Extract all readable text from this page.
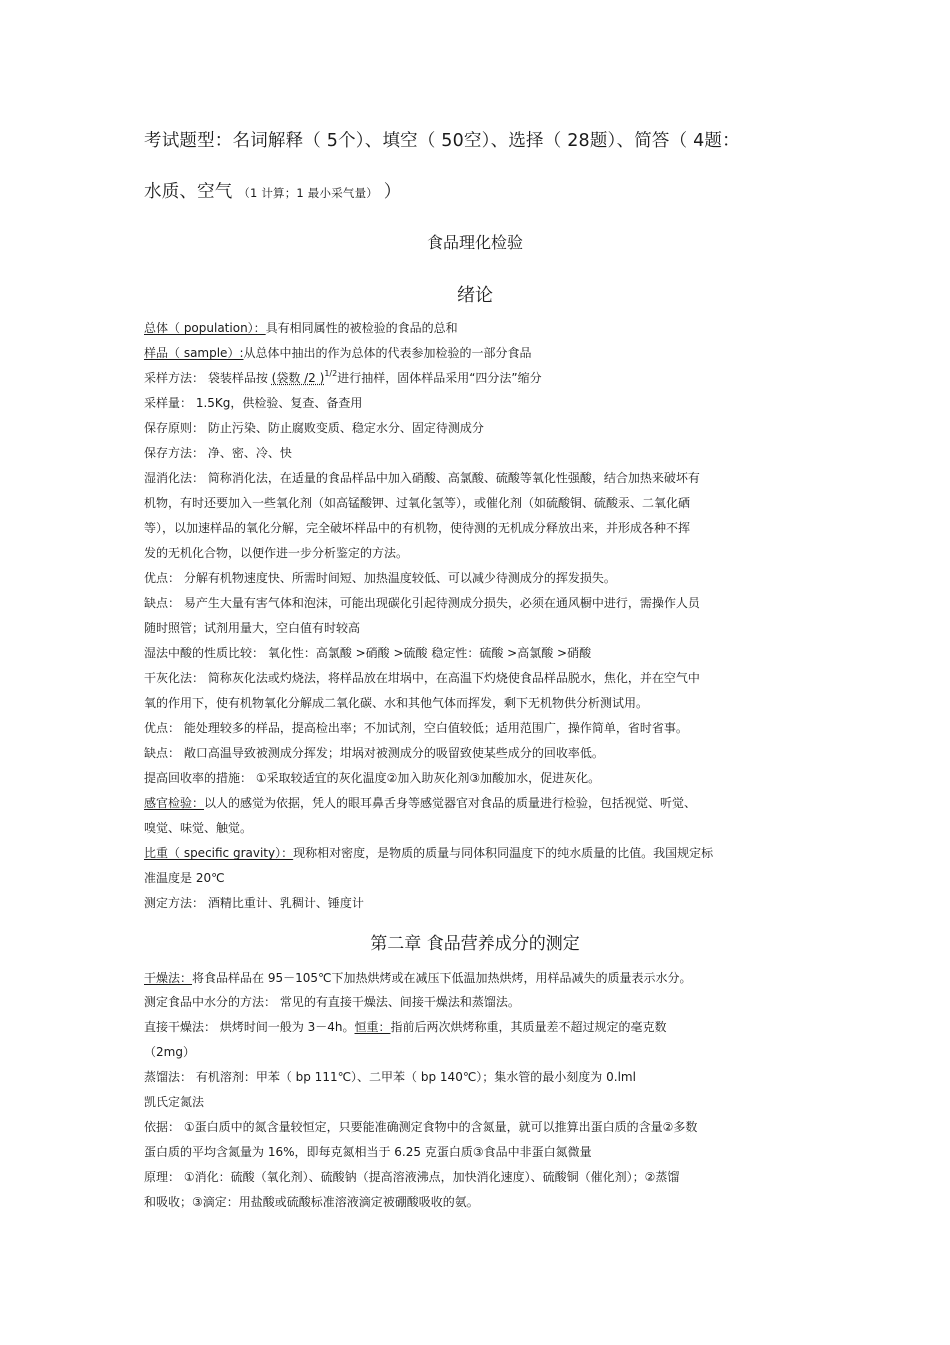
考试题型：名词解释（ 5个）、填空（ 50空）、选择（ 28题）、简答（ 4题：
水质、空气 （1 计算；1 最小采气量） ）
食品理化检验
绪论
总体（ population）：具有相同属性的被检验的食品的总和
样品（ sample）:从总体中抽出的作为总体的代表参加检验的一部分食品
采样方法： 袋装样品按 (袋数 /2 )$^{1/2}$进行抽样，固体样品采用“四分法”缩分
采样量： 1.5Kg，供检验、复查、备查用
保存原则： 防止污染、防止腐败变质、稳定水分、固定待测成分
保存方法： 净、密、冷、快
湿消化法： 简称消化法，在适量的食品样品中加入硝酸、高氯酸、硫酸等氧化性强酸，结合加热来破坏有
机物，有时还要加入一些氧化剂（如高锰酸钾、过氧化氢等），或催化剂（如硫酸铜、硫酸汞、二氧化硒
等），以加速样品的氧化分解，完全破坏样品中的有机物，使待测的无机成分释放出来，并形成各种不挥
发的无机化合物，以便作进一步分析鉴定的方法。
优点： 分解有机物速度快、所需时间短、加热温度较低、可以减少待测成分的挥发损失。
缺点： 易产生大量有害气体和泡沫，可能出现碳化引起待测成分损失，必须在通风橱中进行，需操作人员
随时照管；试剂用量大，空白值有时较高
湿法中酸的性质比较： 氧化性：高氯酸 >硝酸 >硫酸 稳定性：硫酸 >高氯酸 >硝酸
干灰化法： 简称灰化法或灼烧法，将样品放在坩埚中，在高温下灼烧使食品样品脱水，焦化，并在空气中
氧的作用下，使有机物氧化分解成二氧化碳、水和其他气体而挥发，剩下无机物供分析测试用。
优点： 能处理较多的样品，提高检出率；不加试剂，空白值较低；适用范围广，操作简单，省时省事。
缺点： 敞口高温导致被测成分挥发；坩埚对被测成分的吸留致使某些成分的回收率低。
提高回收率的措施： ①采取较适宜的灰化温度②加入助灰化剂③加酸加水，促进灰化。
感官检验：以人的感觉为依据，凭人的眼耳鼻舌身等感觉器官对食品的质量进行检验，包括视觉、听觉、
嗅觉、味觉、触觉。
比重（ specific gravity）：现称相对密度，是物质的质量与同体积同温度下的纯水质量的比值。我国规定标
准温度是 20℃
测定方法： 酒精比重计、乳稠计、锤度计
第二章 食品营养成分的测定
干燥法：将食品样品在 95－105℃下加热烘烤或在减压下低温加热烘烤，用样品减失的质量表示水分。
测定食品中水分的方法： 常见的有直接干燥法、间接干燥法和蒸馏法。
直接干燥法： 烘烤时间一般为 3－4h。恒重：指前后两次烘烤称重，其质量差不超过规定的毫克数
（2mg）
蒸馏法： 有机溶剂：甲苯（ bp 111℃）、二甲苯（ bp 140℃）；集水管的最小刻度为 0.lml
凯氏定氮法
依据： ①蛋白质中的氮含量较恒定，只要能准确测定食物中的含氮量，就可以推算出蛋白质的含量②多数
蛋白质的平均含氮量为 16%，即每克氮相当于 6.25 克蛋白质③食品中非蛋白氮微量
原理： ①消化：硫酸（氧化剂）、硫酸钠（提高溶液沸点，加快消化速度）、硫酸铜（催化剂）；②蒸馏
和吸收；③滴定：用盐酸或硫酸标准溶液滴定被硼酸吸收的氨。
